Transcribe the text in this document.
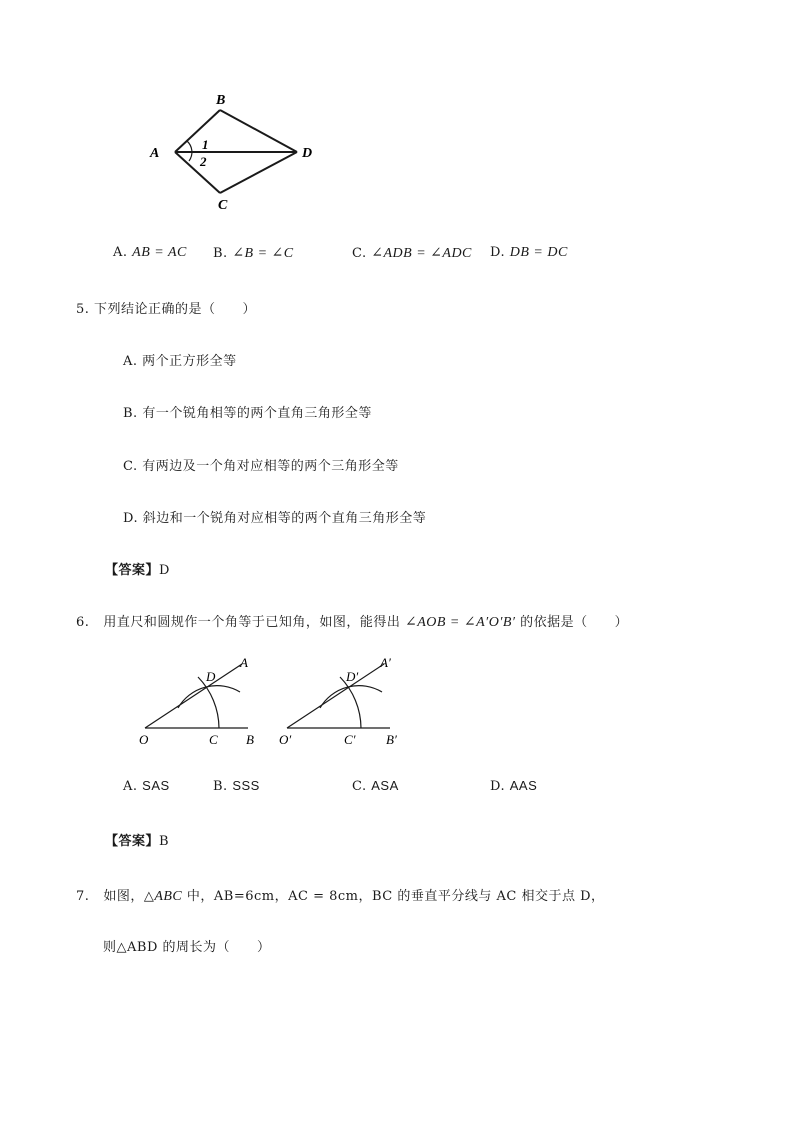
B
A	D
C
1
2
A. AB = AC B. ∠B = ∠C	C. ∠ADB = ∠ADC D. DB = DC
5. 下列结论正确的是（　　）
A. 两个正方形全等
B. 有一个锐角相等的两个直角三角形全等
C. 有两边及一个角对应相等的两个三角形全等
D. 斜边和一个锐角对应相等的两个直角三角形全等
【答案】D
6. 用直尺和圆规作一个角等于已知角，如图，能得出 ∠AOB = ∠A′O′B′ 的依据是（　　）
A
D
O	C B
A′
D′
O′	C′ B′
A. SAS	B. SSS	C. ASA	D. AAS
【答案】B
7. 如图，△ABC 中，AB=6cm，AC = 8cm，BC 的垂直平分线与 AC 相交于点 D，
则△ABD 的周长为（　　）
